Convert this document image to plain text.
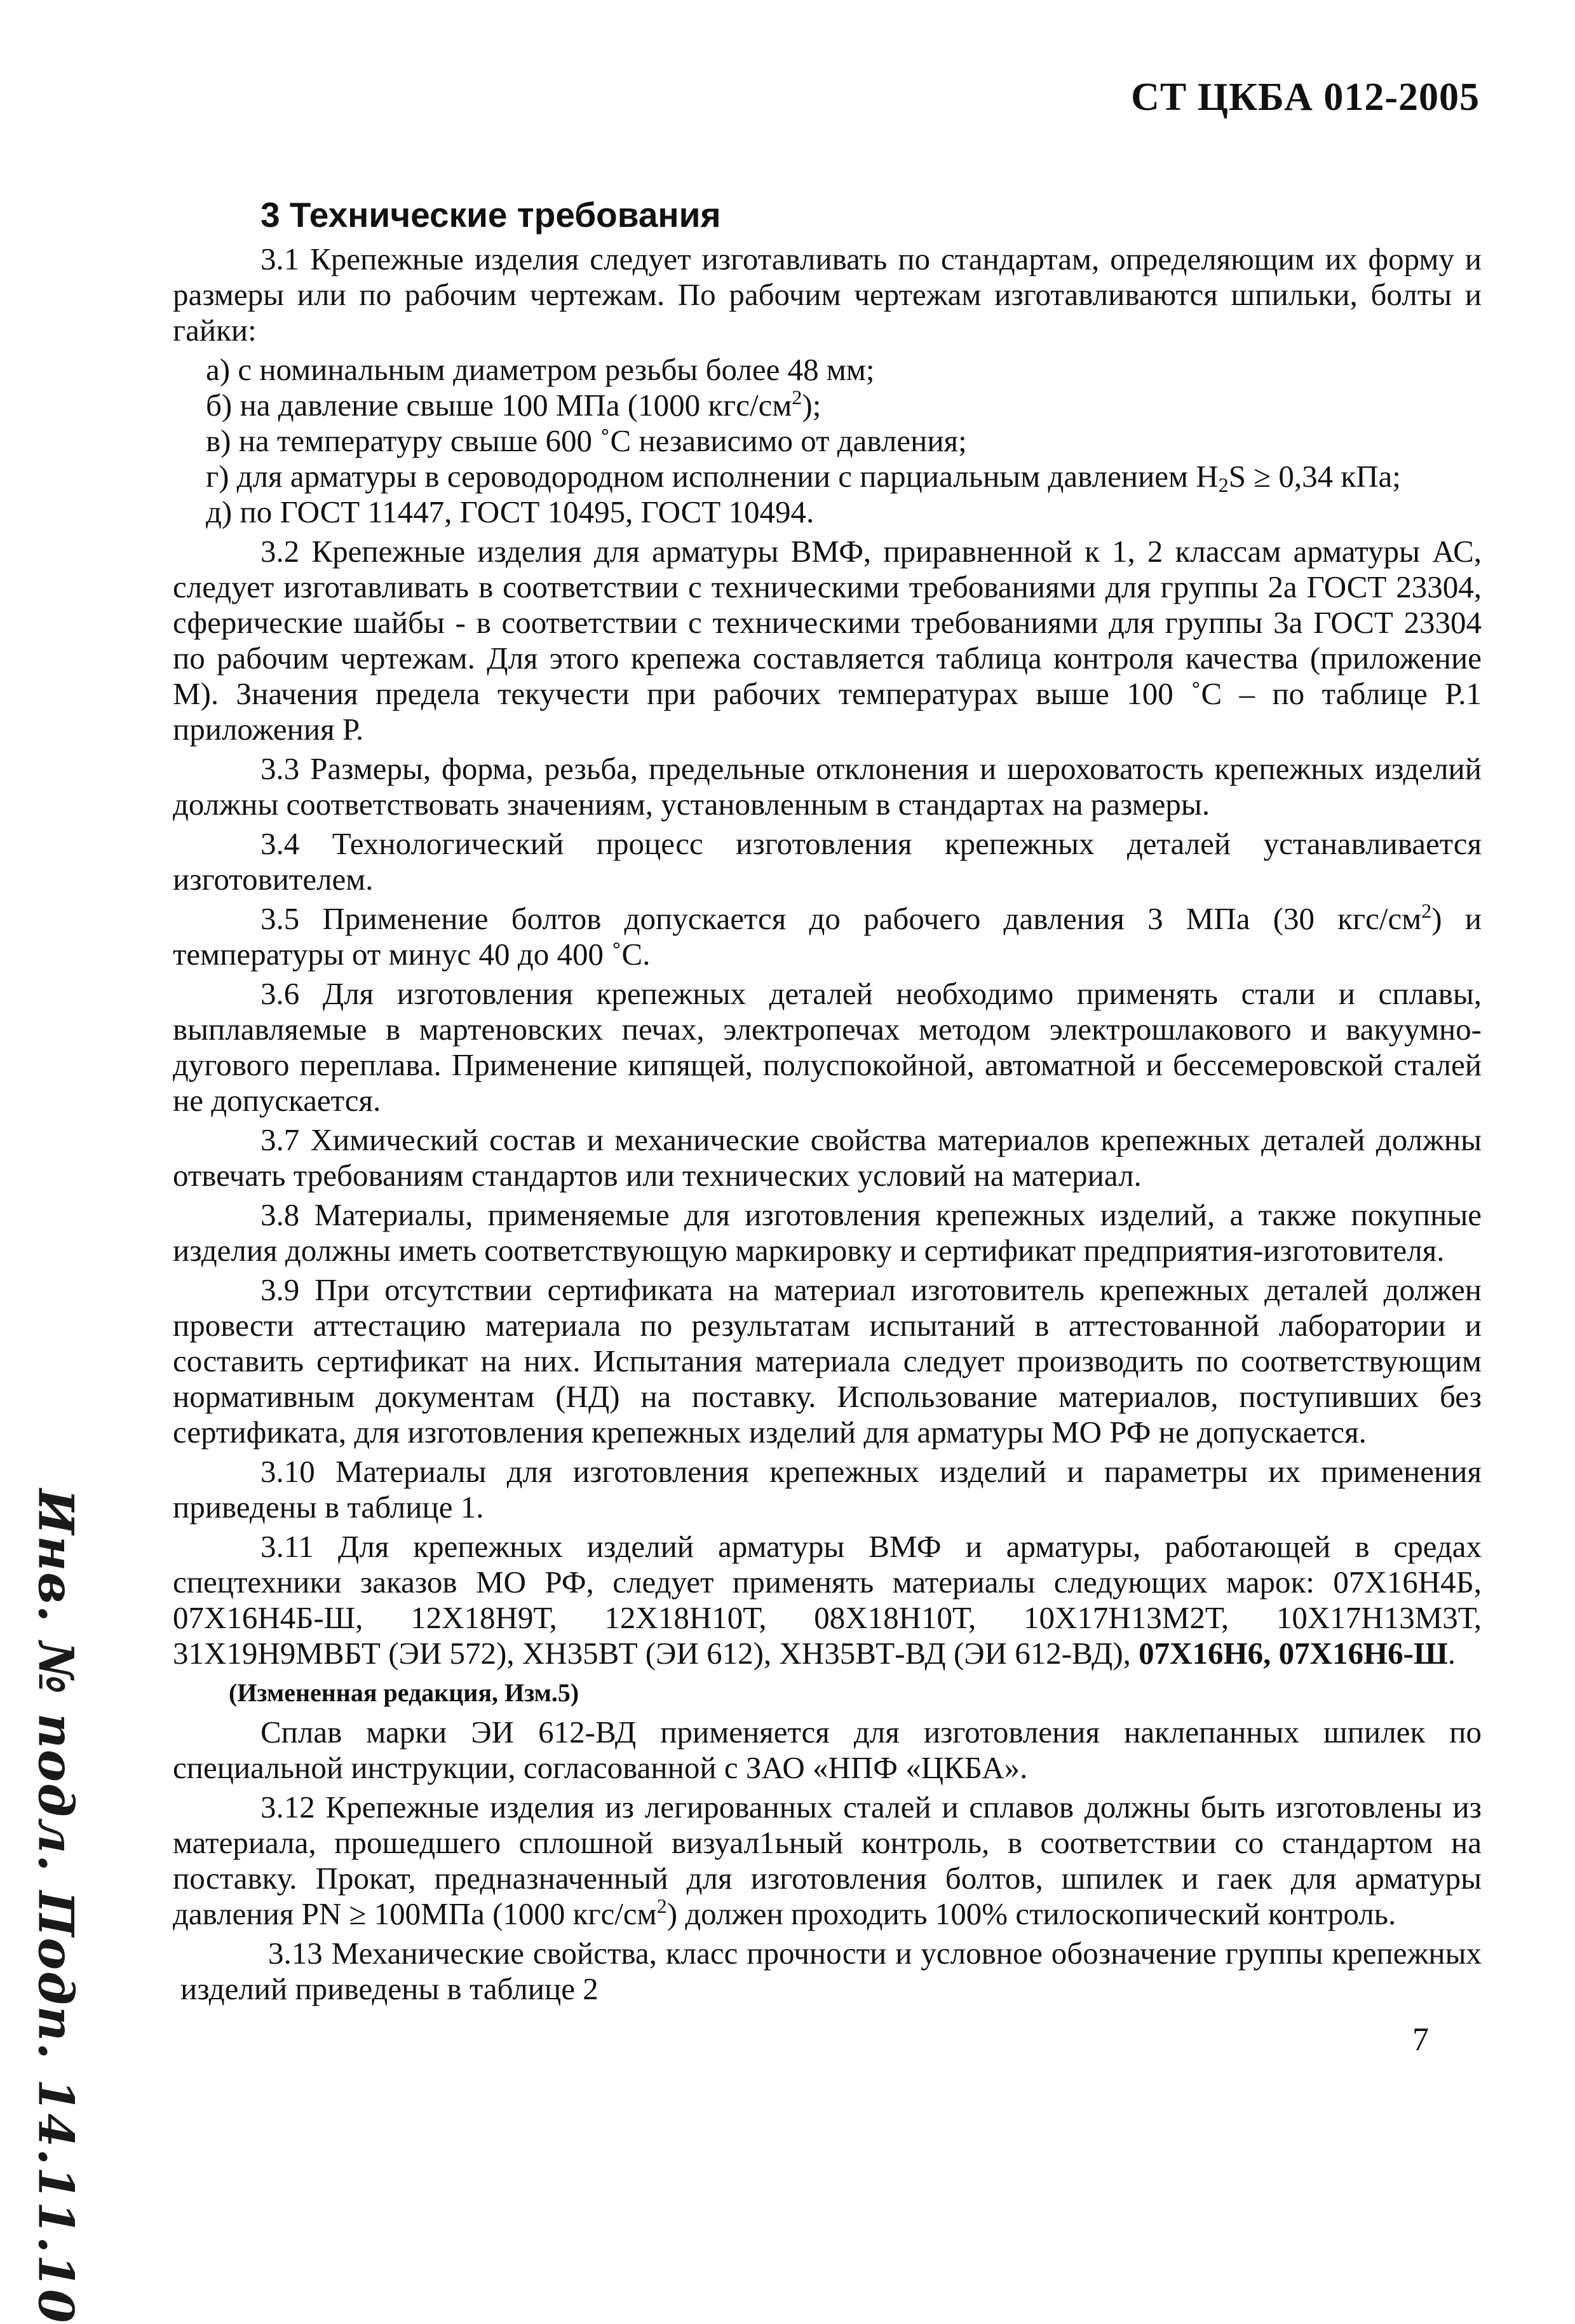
СТ ЦКБА 012-2005
3 Технические требования

3.1 Крепежные изделия следует изготавливать по стандартам, определяющим их форму и размеры или по рабочим чертежам. По рабочим чертежам изготавливаются шпильки, болты и гайки:

а) с номинальным диаметром резьбы более 48 мм;
б) на давление свыше 100 МПа (1000 кгс/$см^2$);
в) на температуру свыше 600 ˚С независимо от давления;
г) для арматуры в сероводородном исполнении с парциальным давлением $H_2S \ge 0,34$ кПа;
д) по ГОСТ 11447, ГОСТ 10495, ГОСТ 10494.

3.2 Крепежные изделия для арматуры ВМФ, приравненной к 1, 2 классам арматуры АС, следует изготавливать в соответствии с техническими требованиями для группы 2а ГОСТ 23304, сферические шайбы - в соответствии с техническими требованиями для группы 3а ГОСТ 23304 по рабочим чертежам. Для этого крепежа составляется таблица контроля качества (приложение М). Значения предела текучести при рабочих температурах выше 100 ˚С – по таблице Р.1 приложения Р.

3.3 Размеры, форма, резьба, предельные отклонения и шероховатость крепежных изделий должны соответствовать значениям, установленным в стандартах на размеры.

3.4 Технологический процесс изготовления крепежных деталей устанавливается изготовителем.

3.5 Применение болтов допускается до рабочего давления 3 МПа (30 кгс/$см^2$) и температуры от минус 40 до 400 ˚С.

3.6 Для изготовления крепежных деталей необходимо применять стали и сплавы, выплавляемые в мартеновских печах, электропечах методом электрошлакового и вакуумно-дугового переплава. Применение кипящей, полуспокойной, автоматной и бессемеровской сталей не допускается.

3.7 Химический состав и механические свойства материалов крепежных деталей должны отвечать требованиям стандартов или технических условий на материал.

3.8 Материалы, применяемые для изготовления крепежных изделий, а также покупные изделия должны иметь соответствующую маркировку и сертификат предприятия-изготовителя.

3.9 При отсутствии сертификата на материал изготовитель крепежных деталей должен провести аттестацию материала по результатам испытаний в аттестованной лаборатории и составить сертификат на них. Испытания материала следует производить по соответствующим нормативным документам (НД) на поставку. Использование материалов, поступивших без сертификата, для изготовления крепежных изделий для арматуры МО РФ не допускается.

3.10 Материалы для изготовления крепежных изделий и параметры их применения приведены в таблице 1.

3.11 Для крепежных изделий арматуры ВМФ и арматуры, работающей в средах спецтехники заказов МО РФ, следует применять материалы следующих марок: 07Х16Н4Б, 07Х16Н4Б-Ш, 12Х18Н9Т, 12Х18Н10Т, 08Х18Н10Т, 10Х17Н13М2Т, 10Х17Н13М3Т, 31Х19Н9МВБТ (ЭИ 572), ХН35ВТ (ЭИ 612), ХН35ВТ-ВД (ЭИ 612-ВД), 07Х16Н6, 07Х16Н6-Ш.

(Измененная редакция, Изм.5)

Сплав марки ЭИ 612-ВД применяется для изготовления наклепанных шпилек по специальной инструкции, согласованной с ЗАО «НПФ «ЦКБА».

3.12 Крепежные изделия из легированных сталей и сплавов должны быть изготовлены из материала, прошедшего сплошной визуал1ьный контроль, в соответствии со стандартом на поставку. Прокат, предназначенный для изготовления болтов, шпилек и гаек для арматуры давления PN ≥ 100МПа (1000 кгс/$см^2$) должен проходить 100% стилоскопический контроль.

3.13 Механические свойства, класс прочности и условное обозначение группы крепежных изделий приведены в таблице 2

7
Инв. № подл. Подп. 14.11.10
